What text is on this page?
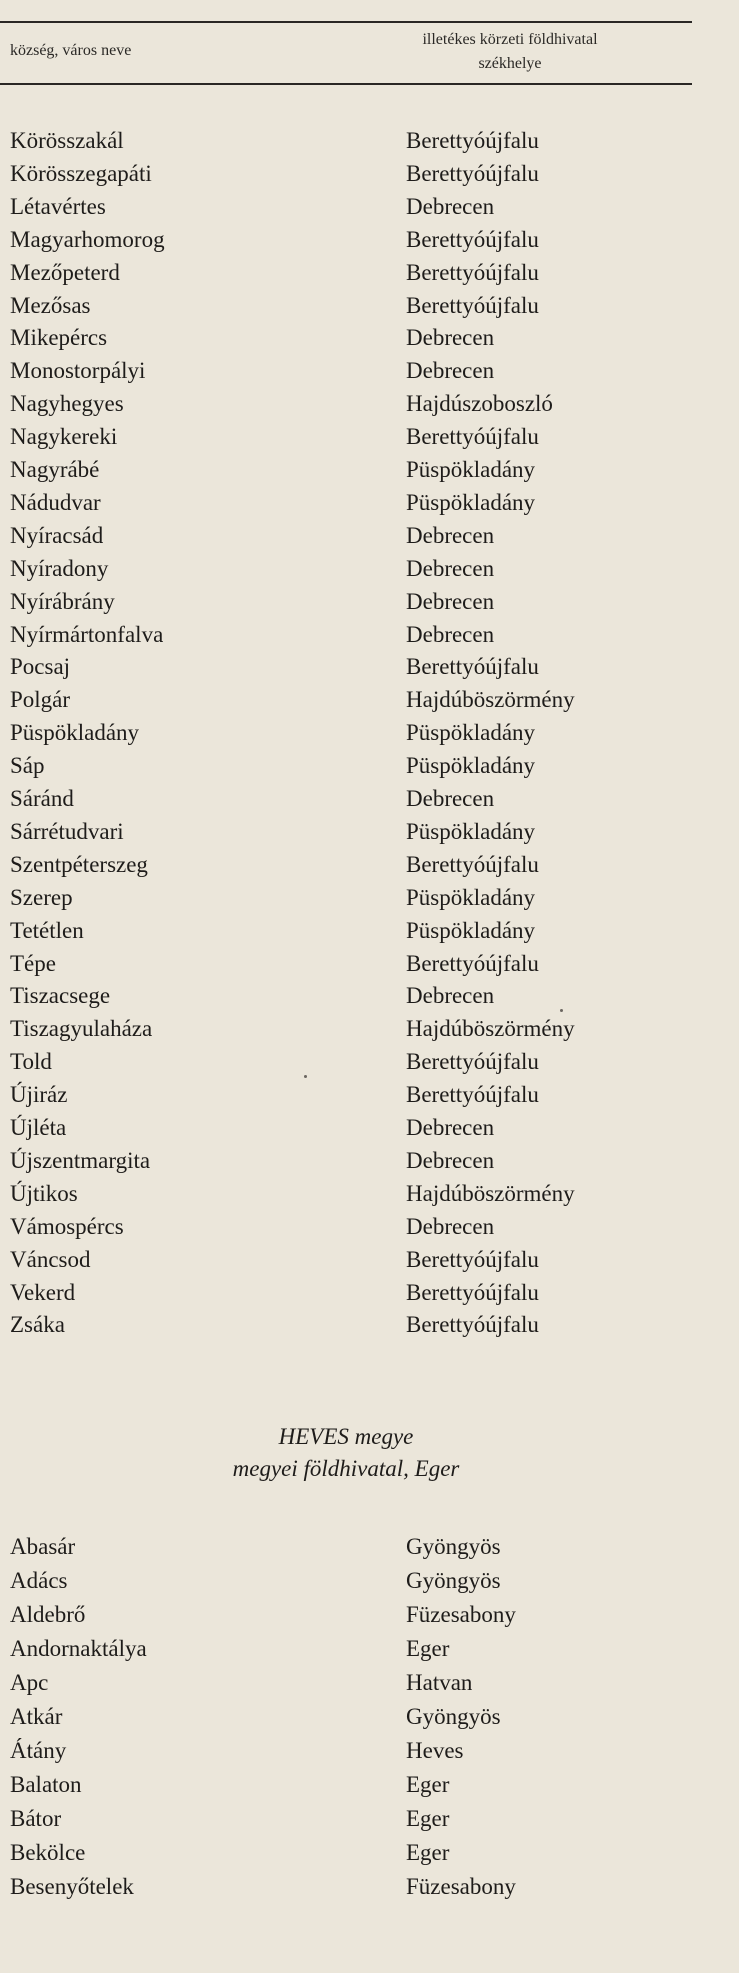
község, város neve
illetékes körzeti földhivatal
székhelye
Körösszakál	Berettyóújfalu
Körösszegapáti	Berettyóújfalu
Létavértes	Debrecen
Magyarhomorog	Berettyóújfalu
Mezőpeterd	Berettyóújfalu
Mezősas	Berettyóújfalu
Mikepércs	Debrecen
Monostorpályi	Debrecen
Nagyhegyes	Hajdúszoboszló
Nagykereki	Berettyóújfalu
Nagyrábé	Püspökladány
Nádudvar	Püspökladány
Nyíracsád	Debrecen
Nyíradony	Debrecen
Nyírábrány	Debrecen
Nyírmártonfalva	Debrecen
Pocsaj	Berettyóújfalu
Polgár	Hajdúböszörmény
Püspökladány	Püspökladány
Sáp	Püspökladány
Sáránd	Debrecen
Sárrétudvari	Püspökladány
Szentpéterszeg	Berettyóújfalu
Szerep	Püspökladány
Tetétlen	Püspökladány
Tépe	Berettyóújfalu
Tiszacsege	Debrecen
Tiszagyulaháza	Hajdúböszörmény
Told	Berettyóújfalu
Újiráz	Berettyóújfalu
Újléta	Debrecen
Újszentmargita	Debrecen
Újtikos	Hajdúböszörmény
Vámospércs	Debrecen
Váncsod	Berettyóújfalu
Vekerd	Berettyóújfalu
Zsáka	Berettyóújfalu
HEVES megye
megyei földhivatal, Eger
Abasár	Gyöngyös
Adács	Gyöngyös
Aldebrő	Füzesabony
Andornaktálya	Eger
Apc	Hatvan
Atkár	Gyöngyös
Átány	Heves
Balaton	Eger
Bátor	Eger
Bekölce	Eger
Besenyőtelek	Füzesabony
